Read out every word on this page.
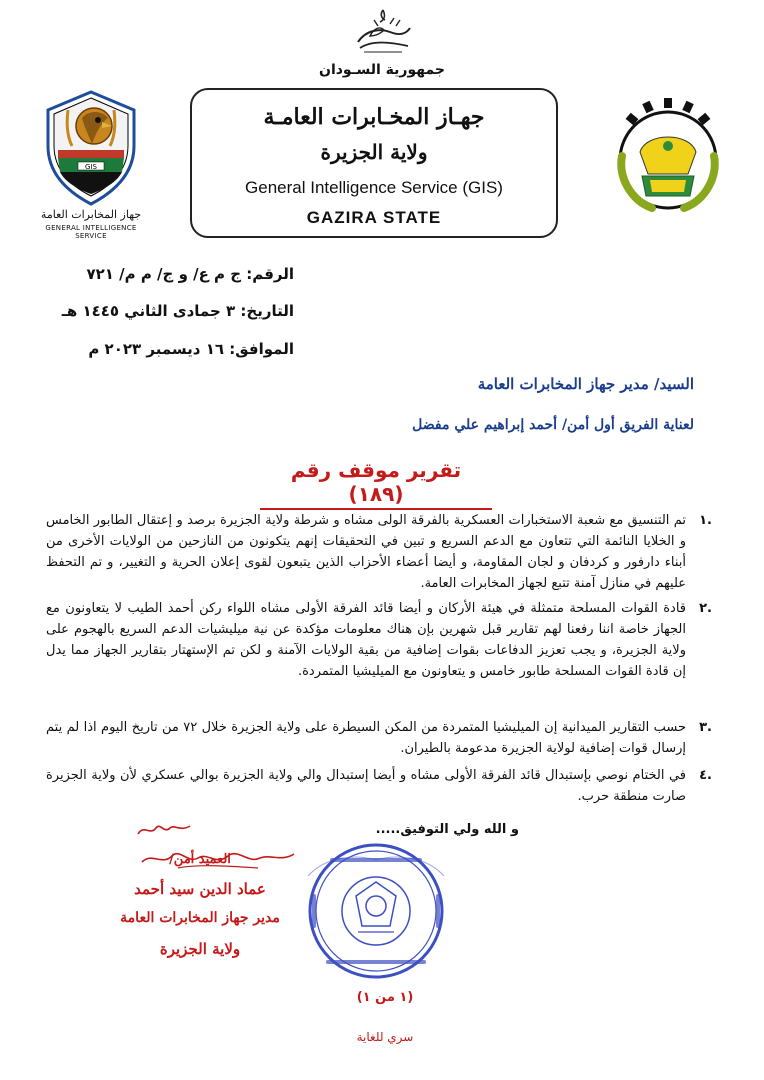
جمهورية السـودان
GIS
جهاز المخابرات العامة
GENERAL INTELLIGENCE SERVICE
جهـاز المخـابرات العامـة
ولاية الجزيرة
General Intelligence Service (GIS)
GAZIRA STATE
الرقم: ج م ع/ و ج/ م م/ ٧٢١
التاريخ: ٣ جمادى الثاني ١٤٤٥ هـ
الموافق: ١٦ ديسمبر ٢٠٢٣ م
السيد/ مدير جهاز المخابرات العامة
لعناية الفريق أول أمن/ أحمد إبراهيم علي مفضل
تقرير موقف رقم (١٨٩)
.١
تم التنسيق مع شعبة الاستخبارات العسكرية بالفرقة الولى مشاه و شرطة ولاية الجزيرة برصد و إعتقال الطابور الخامس و الخلايا النائمة التي تتعاون مع الدعم السريع و تبين في التحقيقات إنهم يتكونون من النازحين من الولايات الأخرى من أبناء دارفور و كردفان و لجان المقاومة، و أيضا أعضاء الأحزاب الذين يتبعون لقوى إعلان الحرية و التغيير، و تم التحفظ عليهم في منازل آمنة تتبع لجهاز المخابرات العامة.
.٢
قادة القوات المسلحة متمثلة في هيئة الأركان و أيضا قائد الفرقة الأولى مشاه اللواء ركن أحمد الطيب لا يتعاونون مع الجهاز خاصة اننا رفعنا لهم تقارير قبل شهرين بإن هناك معلومات مؤكدة عن نية ميليشيات الدعم السريع بالهجوم على ولاية الجزيرة، و يجب تعزيز الدفاعات بقوات إضافية من بقية الولايات الآمنة و لكن تم الإستهتار بتقارير الجهاز مما يدل إن قادة القوات المسلحة طابور خامس و يتعاونون مع الميليشيا المتمردة.
.٣
حسب التقارير الميدانية إن الميليشيا المتمردة من المكن السيطرة على ولاية الجزيرة خلال ٧٢ من تاريخ اليوم اذا لم يتم إرسال قوات إضافية لولاية الجزيرة مدعومة بالطيران.
.٤
في الختام نوصي بإستبدال قائد الفرقة الأولى مشاه و أيضا إستبدال والي ولاية الجزيرة بوالي عسكري لأن ولاية الجزيرة صارت منطقة حرب.
و الله ولي التوفيق.....
العميد أمن/
عماد الدين سيد أحمد
مدير جهاز المخابرات العامة
ولاية الجزيرة
(١ من ١)
سري للغاية
